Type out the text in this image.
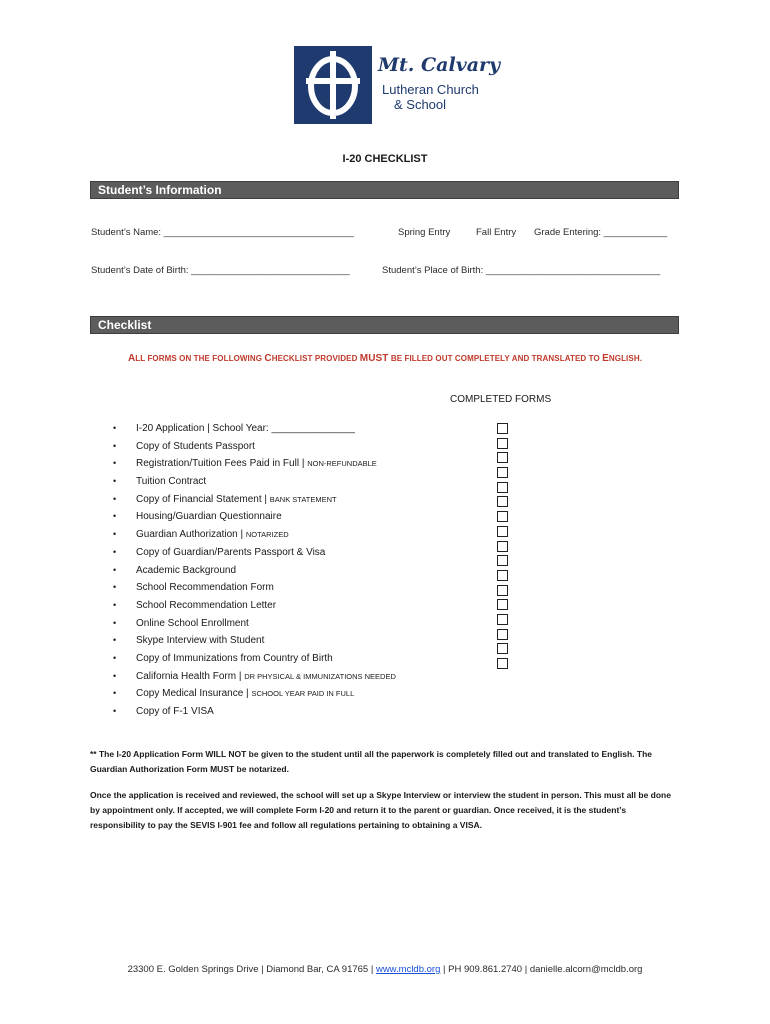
Mt. Calvary
Lutheran Church
& School
I-20 CHECKLIST
Student’s Information
Student’s Name: ____________________________________	Spring Entry	Fall Entry Grade Entering: ____________
Student’s Date of Birth: ______________________________	Student’s Place of Birth: _________________________________
Checklist
ALL FORMS ON THE FOLLOWING CHECKLIST PROVIDED MUST BE FILLED OUT COMPLETELY AND TRANSLATED TO ENGLISH.
COMPLETED FORMS
• I-20 Application | School Year: _______________
• Copy of Students Passport
• Registration/Tuition Fees Paid in Full | NON-REFUNDABLE
• Tuition Contract
• Copy of Financial Statement | BANK STATEMENT
• Housing/Guardian Questionnaire
• Guardian Authorization | NOTARIZED
• Copy of Guardian/Parents Passport & Visa
• Academic Background
• School Recommendation Form
• School Recommendation Letter
• Online School Enrollment
• Skype Interview with Student
• Copy of Immunizations from Country of Birth
• California Health Form | DR PHYSICAL & IMMUNIZATIONS NEEDED
• Copy Medical Insurance | SCHOOL YEAR PAID IN FULL
• Copy of F-1 VISA
** The I-20 Application Form WILL NOT be given to the student until all the paperwork is completely filled out and translated to English. The Guardian Authorization Form MUST be notarized.
Once the application is received and reviewed, the school will set up a Skype Interview or interview the student in person. This must all be done by appointment only. If accepted, we will complete Form I-20 and return it to the parent or guardian. Once received, it is the student’s responsibility to pay the SEVIS I-901 fee and follow all regulations pertaining to obtaining a VISA.
23300 E. Golden Springs Drive | Diamond Bar, CA 91765 | www.mcldb.org | PH 909.861.2740 | danielle.alcorn@mcldb.org
